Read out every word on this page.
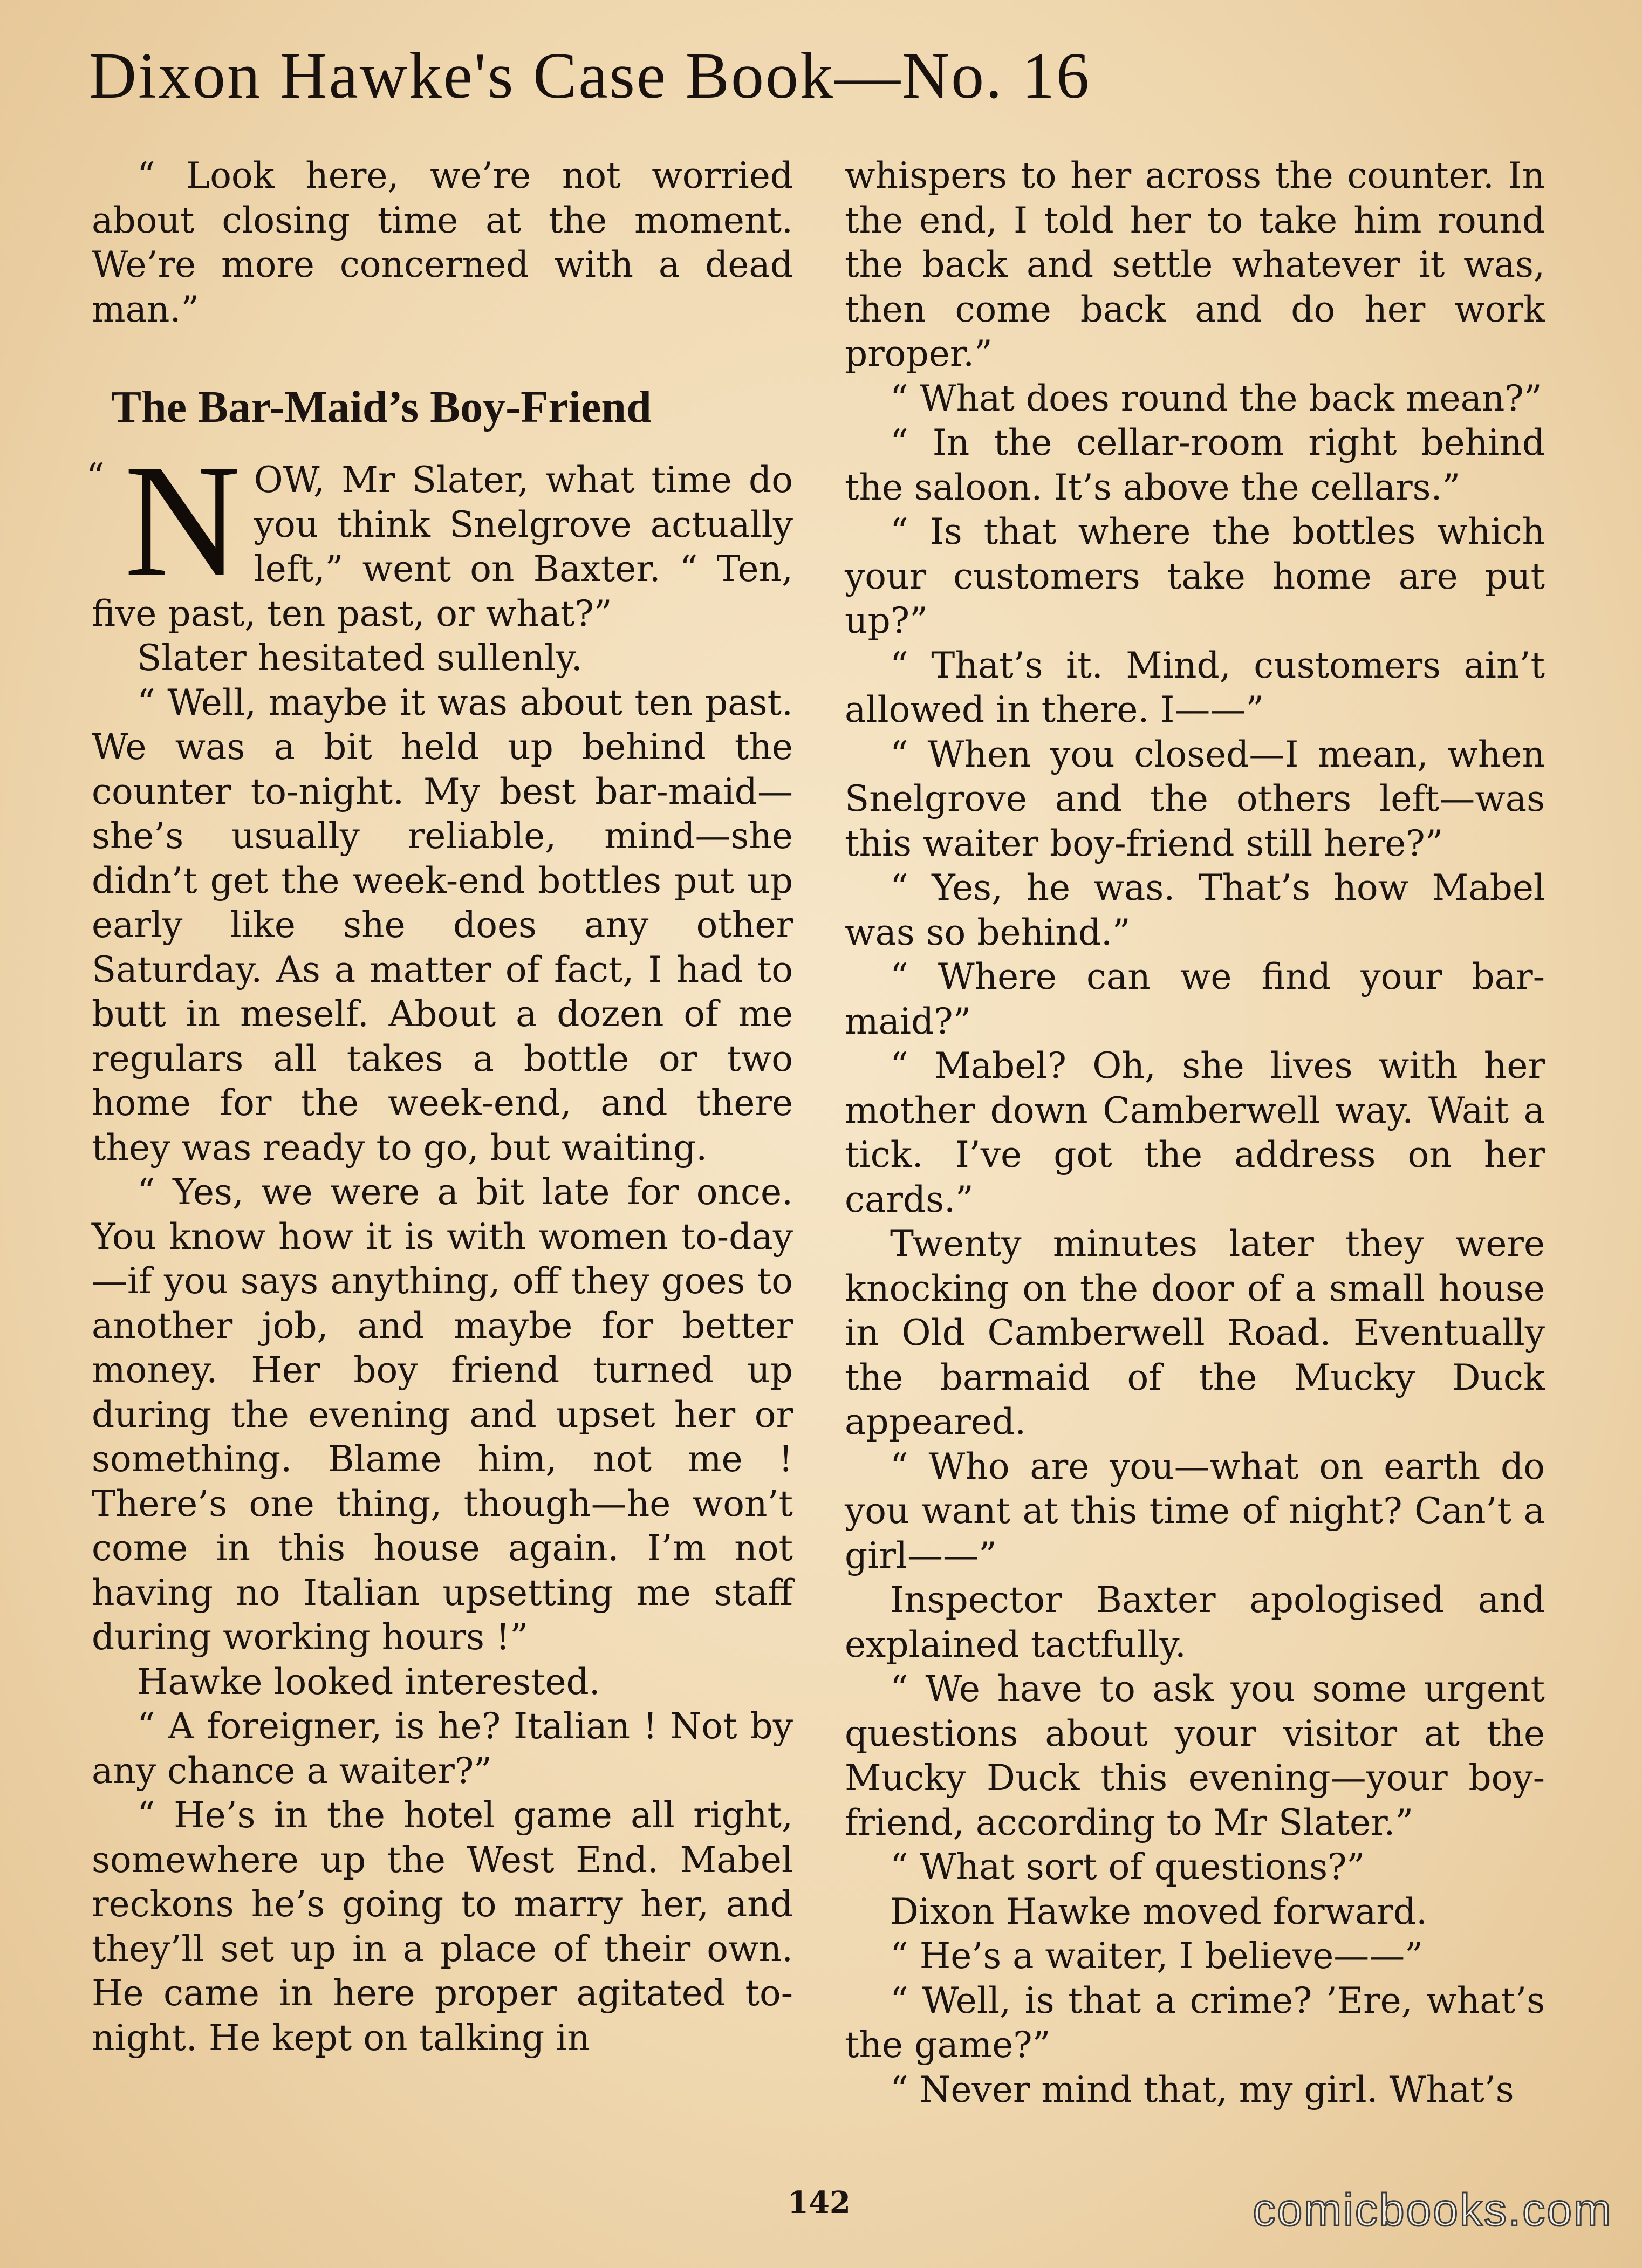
Dixon Hawke's Case Book—No. 16

“ Look here, we’re not worried about closing time at the moment. We’re more concerned with a dead man.”

The Bar-Maid’s Boy-Friend
“ N OW, Mr Slater, what time do you think Snelgrove actually left,” went on Baxter. “ Ten, five past, ten past, or what?”

Slater hesitated sullenly.

“ Well, maybe it was about ten past. We was a bit held up behind the counter to-night. My best bar-maid—she’s usually reliable, mind—she didn’t get the week-end bottles put up early like she does any other Saturday. As a matter of fact, I had to butt in meself. About a dozen of me regulars all takes a bottle or two home for the week-end, and there they was ready to go, but waiting.

“ Yes, we were a bit late for once. You know how it is with women to-day—if you says anything, off they goes to another job, and maybe for better money. Her boy friend turned up during the evening and upset her or something. Blame him, not me ! There’s one thing, though—he won’t come in this house again. I’m not having no Italian upsetting me staff during working hours !”

Hawke looked interested.

“ A foreigner, is he? Italian ! Not by any chance a waiter?”

“ He’s in the hotel game all right, somewhere up the West End. Mabel reckons he’s going to marry her, and they’ll set up in a place of their own. He came in here proper agitated to-night. He kept on talking in

whispers to her across the counter. In the end, I told her to take him round the back and settle whatever it was, then come back and do her work proper.”

“ What does round the back mean?”

“ In the cellar-room right behind the saloon. It’s above the cellars.”

“ Is that where the bottles which your customers take home are put up?”

“ That’s it. Mind, customers ain’t allowed in there. I——”

“ When you closed—I mean, when Snelgrove and the others left—was this waiter boy-friend still here?”

“ Yes, he was. That’s how Mabel was so behind.”

“ Where can we find your bar-maid?”

“ Mabel? Oh, she lives with her mother down Camberwell way. Wait a tick. I’ve got the address on her cards.”

Twenty minutes later they were knocking on the door of a small house in Old Camberwell Road. Eventually the barmaid of the Mucky Duck appeared.

“ Who are you—what on earth do you want at this time of night? Can’t a girl——”

Inspector Baxter apologised and explained tactfully.

“ We have to ask you some urgent questions about your visitor at the Mucky Duck this evening—your boy-friend, according to Mr Slater.”

“ What sort of questions?”

Dixon Hawke moved forward.

“ He’s a waiter, I believe——”

“ Well, is that a crime? ’Ere, what’s the game?”

“ Never mind that, my girl. What’s

142	comicbooks.com
